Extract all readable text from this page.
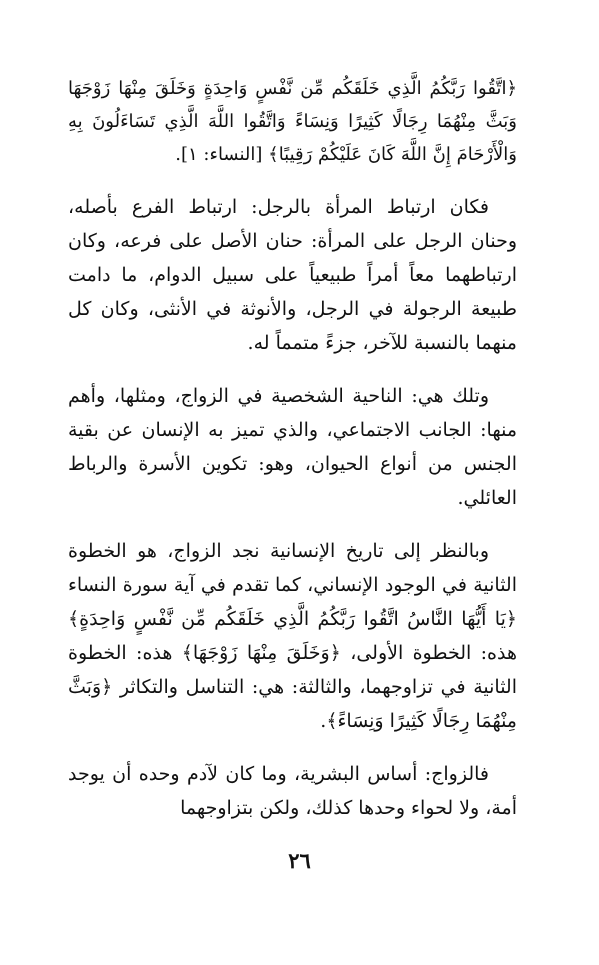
﴿اتَّقُوا رَبَّكُمُ الَّذِي خَلَقَكُم مِّن نَّفْسٍ وَاحِدَةٍ وَخَلَقَ مِنْهَا زَوْجَهَا وَبَثَّ مِنْهُمَا رِجَالًا كَثِيرًا وَنِسَاءً وَاتَّقُوا اللَّهَ الَّذِي تَسَاءَلُونَ بِهِ وَالْأَرْحَامَ إِنَّ اللَّهَ كَانَ عَلَيْكُمْ رَقِيبًا﴾ [النساء: ١].

فكان ارتباط المرأة بالرجل: ارتباط الفرع بأصله، وحنان الرجل على المرأة: حنان الأصل على فرعه، وكان ارتباطهما معاً أمراً طبيعياً على سبيل الدوام، ما دامت طبيعة الرجولة في الرجل، والأنوثة في الأنثى، وكان كل منهما بالنسبة للآخر، جزءً متمماً له.

وتلك هي: الناحية الشخصية في الزواج، ومثلها، وأهم منها: الجانب الاجتماعي، والذي تميز به الإنسان عن بقية الجنس من أنواع الحيوان، وهو: تكوين الأسرة والرباط العائلي.

وبالنظر إلى تاريخ الإنسانية نجد الزواج، هو الخطوة الثانية في الوجود الإنساني، كما تقدم في آية سورة النساء ﴿يَا أَيُّهَا النَّاسُ اتَّقُوا رَبَّكُمُ الَّذِي خَلَقَكُم مِّن نَّفْسٍ وَاحِدَةٍ﴾ هذه: الخطوة الأولى، ﴿وَخَلَقَ مِنْهَا زَوْجَهَا﴾ هذه: الخطوة الثانية في تزاوجهما، والثالثة: هي: التناسل والتكاثر ﴿وَبَثَّ مِنْهُمَا رِجَالًا كَثِيرًا وَنِسَاءً﴾.

فالزواج: أساس البشرية، وما كان لآدم وحده أن يوجد أمة، ولا لحواء وحدها كذلك، ولكن بتزاوجهما

٢٦
